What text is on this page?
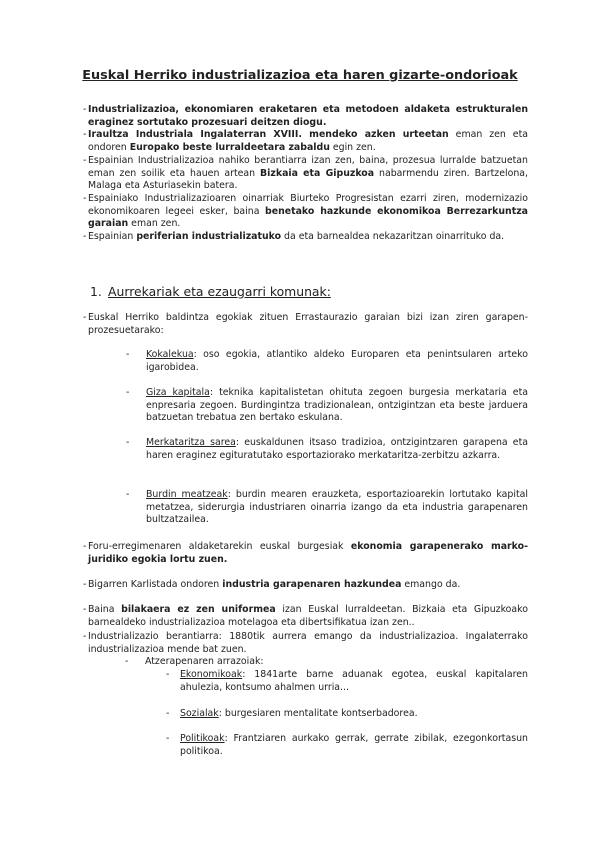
Euskal Herriko industrializazioa eta haren gizarte-ondorioak
- Industrializazioa, ekonomiaren eraketaren eta metodoen aldaketa estrukturalen eraginez sortutako prozesuari deitzen diogu.
- Iraultza Industriala Ingalaterran XVIII. mendeko azken urteetan eman zen eta ondoren Europako beste lurraldeetara zabaldu egin zen.
- Espainian Industrializazioa nahiko berantiarra izan zen, baina, prozesua lurralde batzuetan eman zen soilik eta hauen artean Bizkaia eta Gipuzkoa nabarmendu ziren. Bartzelona, Malaga eta Asturiasekin batera.
- Espainiako Industrializazioaren oinarriak Biurteko Progresistan ezarri ziren, modernizazio ekonomikoaren legeei esker, baina benetako hazkunde ekonomikoa Berrezarkuntza garaian eman zen.
- Espainian periferian industrializatuko da eta barnealdea nekazaritzan oinarrituko da.
1. Aurrekariak eta ezaugarri komunak:
- Euskal Herriko baldintza egokiak zituen Errastaurazio garaian bizi izan ziren garapen-prozesuetarako:
- Kokalekua: oso egokia, atlantiko aldeko Europaren eta penintsularen arteko igarobidea.
- Giza kapitala: teknika kapitalistetan ohituta zegoen burgesia merkataria eta enpresaria zegoen. Burdingintza tradizionalean, ontzigintzan eta beste jarduera batzuetan trebatua zen bertako eskulana.
- Merkataritza sarea: euskaldunen itsaso tradizioa, ontzigintzaren garapena eta haren eraginez egituratutako esportaziorako merkataritza-zerbitzu azkarra.
- Burdin meatzeak: burdin mearen erauzketa, esportazioarekin lortutako kapital metatzea, siderurgia industriaren oinarria izango da eta industria garapenaren bultzatzailea.
- Foru-erregimenaren aldaketarekin euskal burgesiak ekonomia garapenerako marko-juridiko egokia lortu zuen.
- Bigarren Karlistada ondoren industria garapenaren hazkundea emango da.
- Baina bilakaera ez zen uniformea izan Euskal lurraldeetan. Bizkaia eta Gipuzkoako barnealdeko industrializazioa motelagoa eta dibertsifikatua izan zen..
- Industrializazio berantiarra: 1880tik aurrera emango da industrializazioa. Ingalaterrako industrializazioa mende bat zuen.
- Atzerapenaren arrazoiak:
- Ekonomikoak: 1841arte barne aduanak egotea, euskal kapitalaren ahulezia, kontsumo ahalmen urria...
- Sozialak: burgesiaren mentalitate kontserbadorea.
- Politikoak: Frantziaren aurkako gerrak, gerrate zibilak, ezegonkortasun politikoa.
